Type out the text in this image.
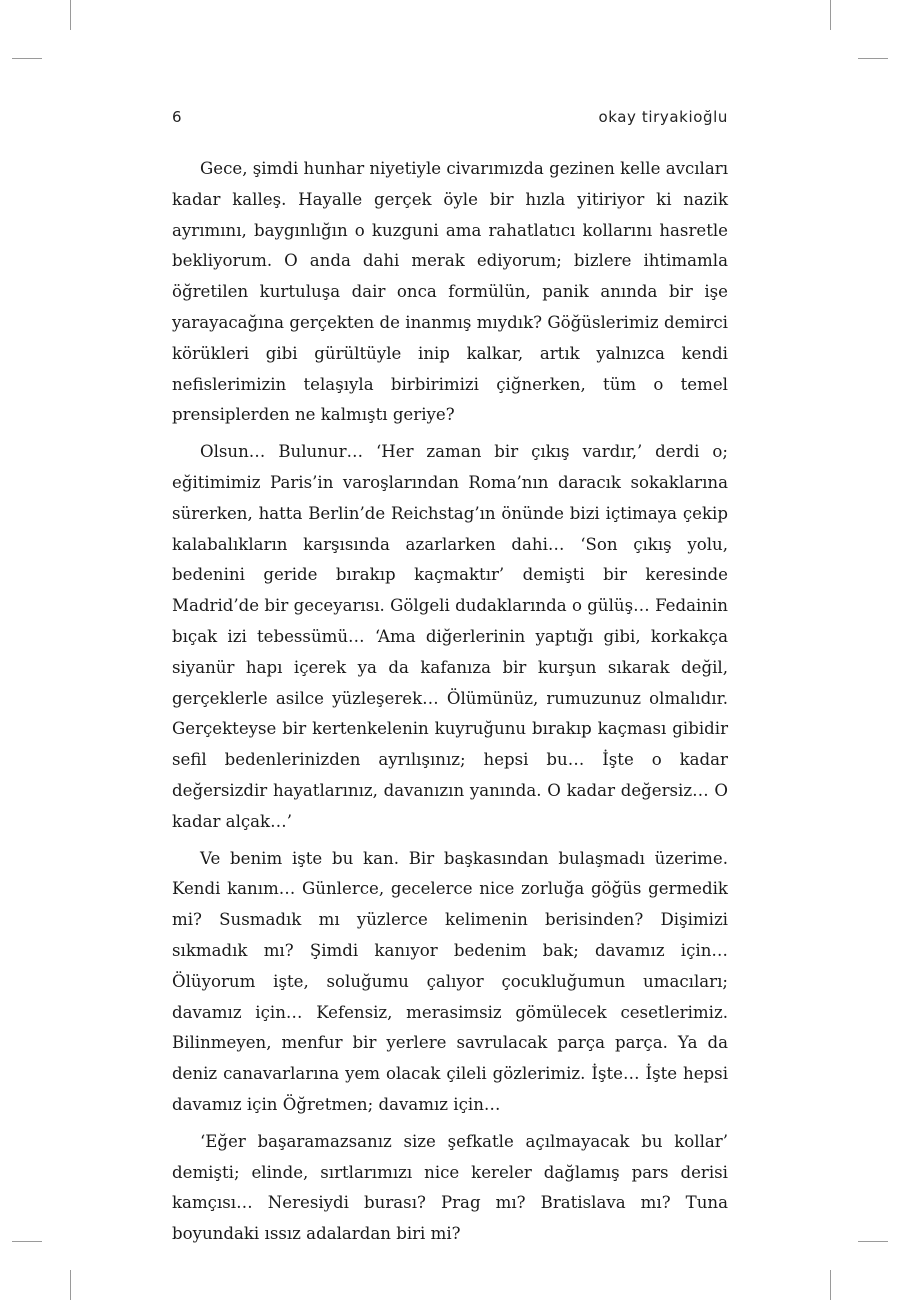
6	okay tiryakioğlu

Gece, şimdi hunhar niyetiyle civarımızda gezinen kelle avcıları kadar kalleş. Hayalle gerçek öyle bir hızla yitiriyor ki nazik ayrımını, baygınlığın o kuzguni ama rahatlatıcı kollarını hasretle bekliyorum. O anda dahi merak ediyorum; bizlere ihtimamla öğretilen kurtuluşa dair onca formülün, panik anında bir işe yarayacağına gerçekten de inanmış mıydık? Göğüslerimiz demirci körükleri gibi gürültüyle inip kalkar, artık yalnızca kendi nefislerimizin telaşıyla birbirimizi çiğnerken, tüm o temel prensiplerden ne kalmıştı geriye?

Olsun… Bulunur… ‘Her zaman bir çıkış vardır,’ derdi o; eğitimimiz Paris’in varoşlarından Roma’nın daracık sokaklarına sürerken, hatta Berlin’de Reichstag’ın önünde bizi içtimaya çekip kalabalıkların karşısında azarlarken dahi… ‘Son çıkış yolu, bedenini geride bırakıp kaçmaktır’ demişti bir keresinde Madrid’de bir geceyarısı. Gölgeli dudaklarında o gülüş… Fedainin bıçak izi tebessümü… ‘Ama diğerlerinin yaptığı gibi, korkakça siyanür hapı içerek ya da kafanıza bir kurşun sıkarak değil, gerçeklerle asilce yüzleşerek… Ölümünüz, rumuzunuz olmalıdır. Gerçekteyse bir kertenkelenin kuyruğunu bırakıp kaçması gibidir sefil bedenlerinizden ayrılışınız; hepsi bu… İşte o kadar değersizdir hayatlarınız, davanızın yanında. O kadar değersiz… O kadar alçak…’

Ve benim işte bu kan. Bir başkasından bulaşmadı üzerime. Kendi kanım… Günlerce, gecelerce nice zorluğa göğüs germedik mi? Susmadık mı yüzlerce kelimenin berisinden? Dişimizi sıkmadık mı? Şimdi kanıyor bedenim bak; davamız için… Ölüyorum işte, soluğumu çalıyor çocukluğumun umacıları; davamız için… Kefensiz, merasimsiz gömülecek cesetlerimiz. Bilinmeyen, menfur bir yerlere savrulacak parça parça. Ya da deniz canavarlarına yem olacak çileli gözlerimiz. İşte… İşte hepsi davamız için Öğretmen; davamız için…

‘Eğer başaramazsanız size şefkatle açılmayacak bu kollar’ demişti; elinde, sırtlarımızı nice kereler dağlamış pars derisi kamçısı… Neresiydi burası? Prag mı? Bratislava mı? Tuna boyundaki ıssız adalardan biri mi?
